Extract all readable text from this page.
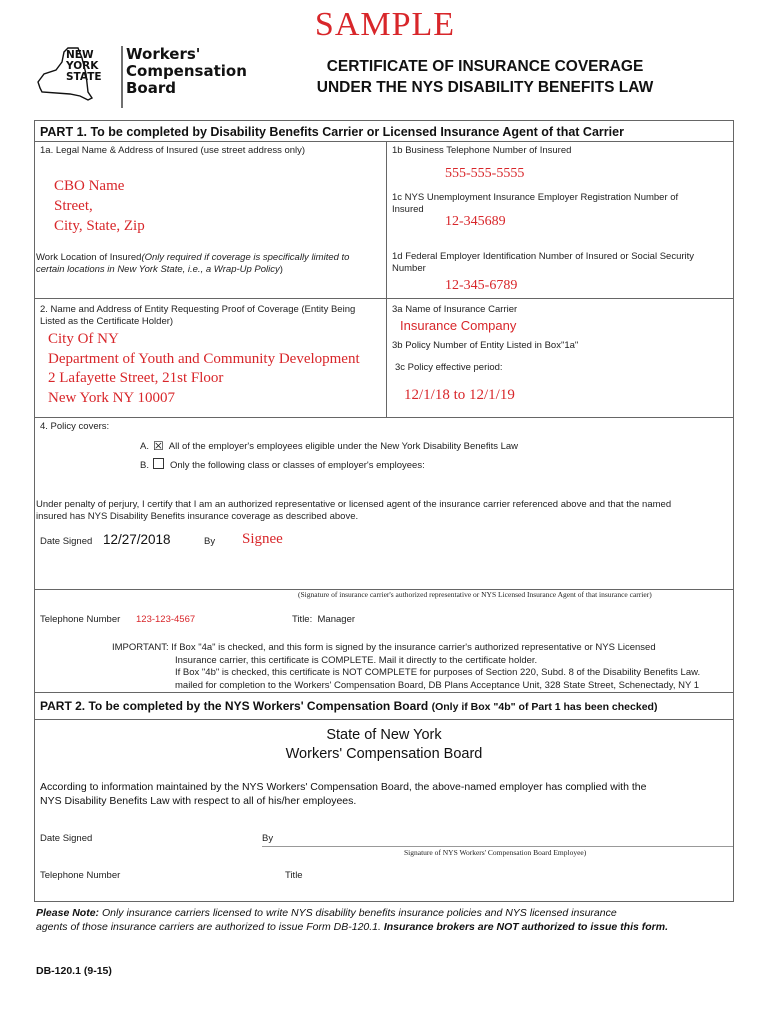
SAMPLE
NEW
YORK
STATE
Workers'
Compensation
Board
CERTIFICATE OF INSURANCE COVERAGE
UNDER THE NYS DISABILITY BENEFITS LAW
PART 1. To be completed by Disability Benefits Carrier or Licensed Insurance Agent of that Carrier
1a. Legal Name & Address of Insured (use street address only)
CBO Name
Street,
City, State, Zip
Work Location of Insured(Only required if coverage is specifically limited to
certain locations in New York State, i.e., a Wrap-Up Policy)
2. Name and Address of Entity Requesting Proof of Coverage (Entity Being
Listed as the Certificate Holder)
City Of NY
Department of Youth and Community Development
2 Lafayette Street, 21st Floor
New York NY 10007
1b Business Telephone Number of Insured
555-555-5555
1c NYS Unemployment Insurance Employer Registration Number of
Insured
12-345689
1d Federal Employer Identification Number of Insured or Social Security
Number
12-345-6789
3a Name of Insurance Carrier
Insurance Company
3b Policy Number of Entity Listed in Box"1a"
3c Policy effective period:
12/1/18 to 12/1/19
4. Policy covers:
A. ☒ All of the employer's employees eligible under the New York Disability Benefits Law
B. Only the following class or classes of employer's employees:
Under penalty of perjury, I certify that I am an authorized representative or licensed agent of the insurance carrier referenced above and that the named
insured has NYS Disability Benefits insurance coverage as described above.
Date Signed 12/27/2018	By Signee
(Signature of insurance carrier's authorized representative or NYS Licensed Insurance Agent of that insurance carrier)
Telephone Number 123-123-4567	Title: Manager
IMPORTANT: If Box "4a" is checked, and this form is signed by the insurance carrier's authorized representative or NYS Licensed
Insurance carrier, this certificate is COMPLETE. Mail it directly to the certificate holder.
If Box "4b" is checked, this certificate is NOT COMPLETE for purposes of Section 220, Subd. 8 of the Disability Benefits Law.
mailed for completion to the Workers' Compensation Board, DB Plans Acceptance Unit, 328 State Street, Schenectady, NY 1
PART 2. To be completed by the NYS Workers' Compensation Board (Only if Box "4b" of Part 1 has been checked)
State of New York
Workers' Compensation Board
According to information maintained by the NYS Workers' Compensation Board, the above-named employer has complied with the
NYS Disability Benefits Law with respect to all of his/her employees.
Date Signed	By
Signature of NYS Workers' Compensation Board Employee)
Telephone Number	Title
Please Note: Only insurance carriers licensed to write NYS disability benefits insurance policies and NYS licensed insurance
agents of those insurance carriers are authorized to issue Form DB-120.1. Insurance brokers are NOT authorized to issue this form.
DB-120.1 (9-15)
